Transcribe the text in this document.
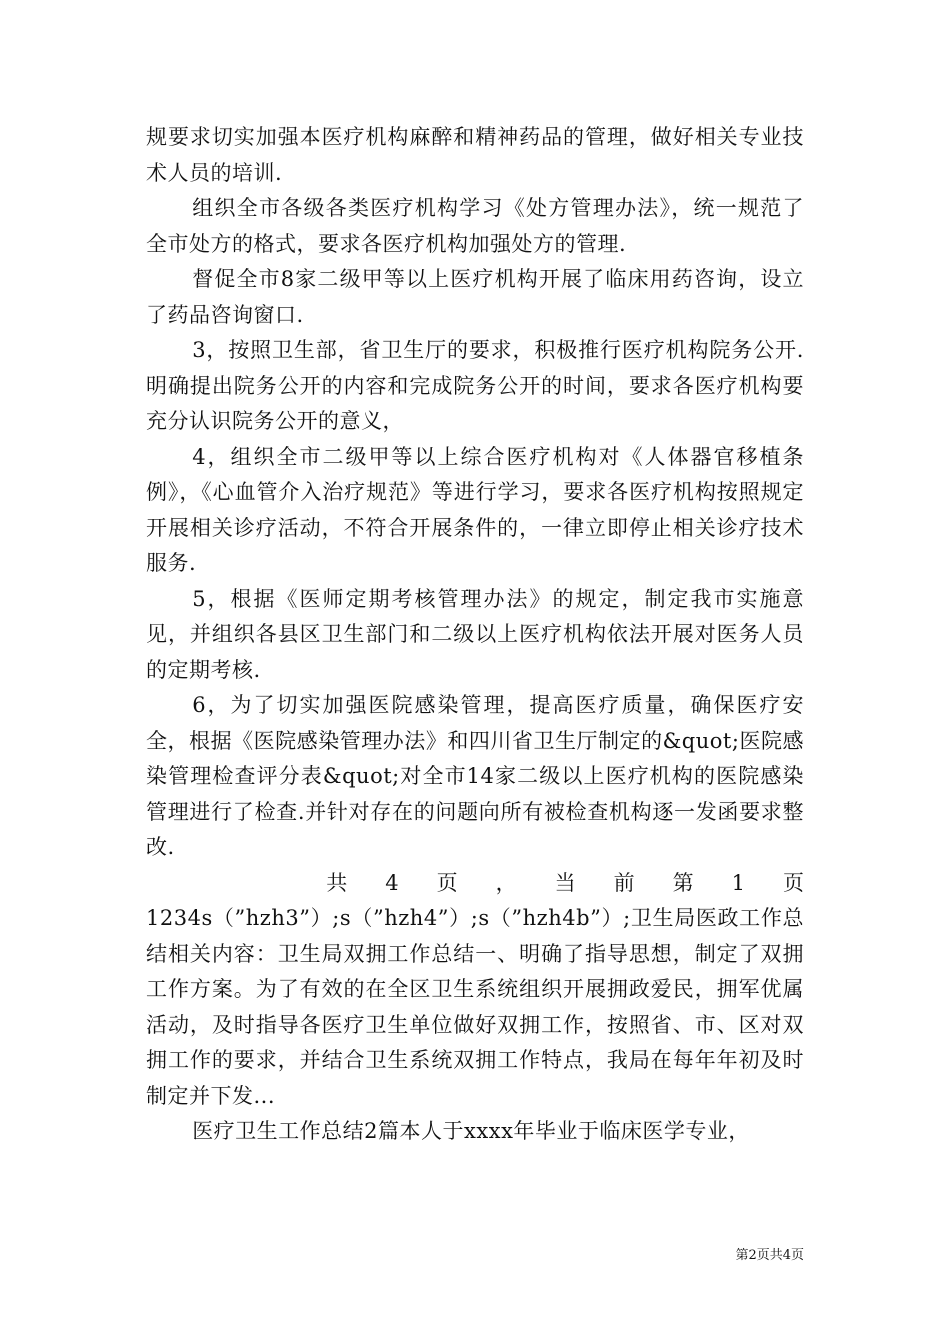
规要求切实加强本医疗机构麻醉和精神药品的管理，做好相关专业技术人员的培训.

组织全市各级各类医疗机构学习《处方管理办法》，统一规范了全市处方的格式，要求各医疗机构加强处方的管理.

督促全市8家二级甲等以上医疗机构开展了临床用药咨询，设立了药品咨询窗口.

3，按照卫生部，省卫生厅的要求，积极推行医疗机构院务公开.明确提出院务公开的内容和完成院务公开的时间，要求各医疗机构要充分认识院务公开的意义，

4，组织全市二级甲等以上综合医疗机构对《人体器官移植条例》，《心血管介入治疗规范》等进行学习，要求各医疗机构按照规定开展相关诊疗活动，不符合开展条件的，一律立即停止相关诊疗技术服务.

5，根据《医师定期考核管理办法》的规定，制定我市实施意见，并组织各县区卫生部门和二级以上医疗机构依法开展对医务人员的定期考核.

6，为了切实加强医院感染管理，提高医疗质量，确保医疗安全，根据《医院感染管理办法》和四川省卫生厅制定的&quot;医院感染管理检查评分表&quot;对全市14家二级以上医疗机构的医院感染管理进行了检查.并针对存在的问题向所有被检查机构逐一发函要求整改.

共 4 页 ， 当 前 第 1 页

1234s（”hzh3”）;s（”hzh4”）;s（”hzh4b”）;卫生局医政工作总结相关内容：卫生局双拥工作总结一、明确了指导思想，制定了双拥工作方案。为了有效的在全区卫生系统组织开展拥政爱民，拥军优属活动，及时指导各医疗卫生单位做好双拥工作，按照省、市、区对双拥工作的要求，并结合卫生系统双拥工作特点，我局在每年年初及时制定并下发...

医疗卫生工作总结2篇本人于xxxx年毕业于临床医学专业，

第2页共4页
